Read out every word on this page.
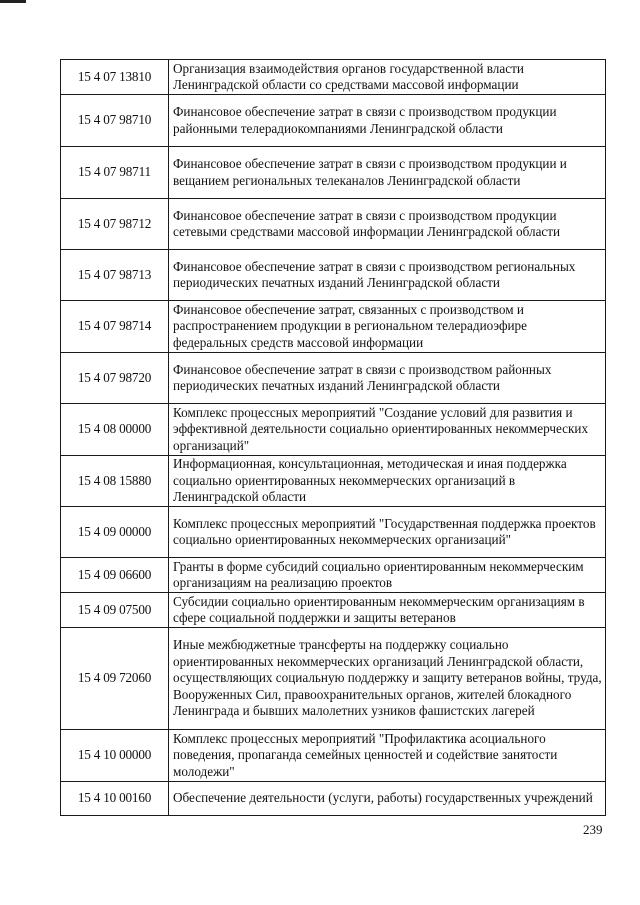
15 4 07 13810	Организация взаимодействия органов государственной власти Ленинградской области со средствами массовой информации
15 4 07 98710	Финансовое обеспечение затрат в связи с производством продукции районными телерадиокомпаниями Ленинградской области
15 4 07 98711	Финансовое обеспечение затрат в связи с производством продукции и вещанием региональных телеканалов Ленинградской области
15 4 07 98712	Финансовое обеспечение затрат в связи с производством продукции сетевыми средствами массовой информации Ленинградской области
15 4 07 98713	Финансовое обеспечение затрат в связи с производством региональных периодических печатных изданий Ленинградской области
15 4 07 98714	Финансовое обеспечение затрат, связанных с производством и распространением продукции в региональном телерадиоэфире федеральных средств массовой информации
15 4 07 98720	Финансовое обеспечение затрат в связи с производством районных периодических печатных изданий Ленинградской области
15 4 08 00000	Комплекс процессных мероприятий "Создание условий для развития и эффективной деятельности социально ориентированных некоммерческих организаций"
15 4 08 15880	Информационная, консультационная, методическая и иная поддержка социально ориентированных некоммерческих организаций в Ленинградской области
15 4 09 00000	Комплекс процессных мероприятий "Государственная поддержка проектов социально ориентированных некоммерческих организаций"
15 4 09 06600	Гранты в форме субсидий социально ориентированным некоммерческим организациям на реализацию проектов
15 4 09 07500	Субсидии социально ориентированным некоммерческим организациям в сфере социальной поддержки и защиты ветеранов
15 4 09 72060	Иные межбюджетные трансферты на поддержку социально ориентированных некоммерческих организаций Ленинградской области, осуществляющих социальную поддержку и защиту ветеранов войны, труда, Вооруженных Сил, правоохранительных органов, жителей блокадного Ленинграда и бывших малолетних узников фашистских лагерей
15 4 10 00000	Комплекс процессных мероприятий "Профилактика асоциального поведения, пропаганда семейных ценностей и содействие занятости молодежи"
15 4 10 00160	Обеспечение деятельности (услуги, работы) государственных учреждений
239
